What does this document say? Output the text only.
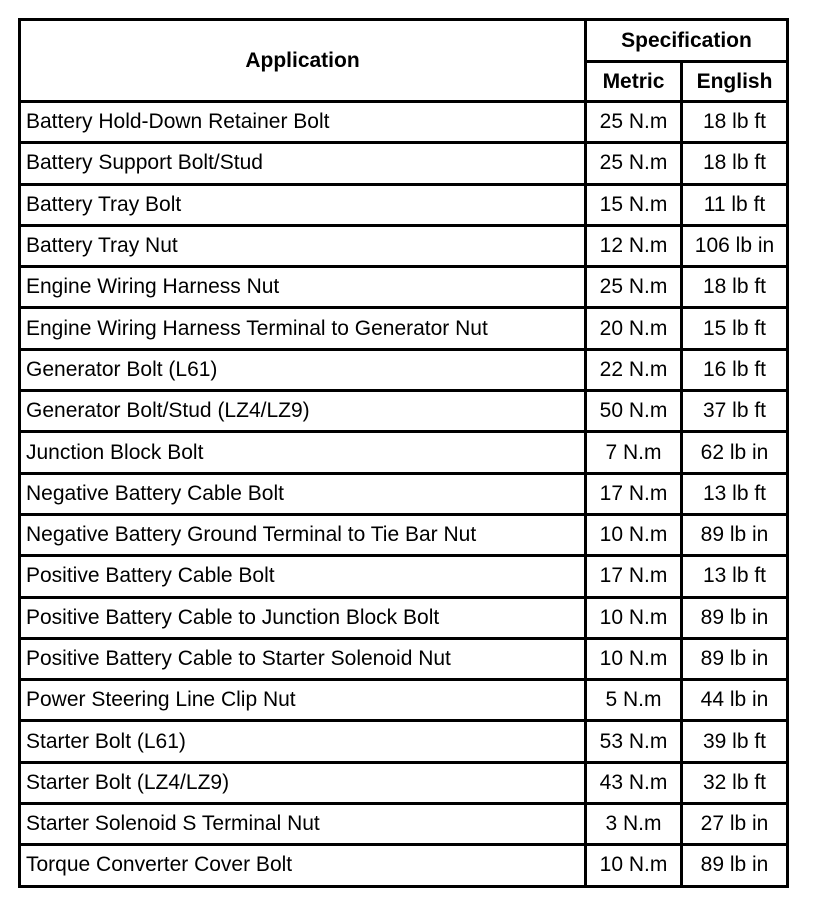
Application	Specification	
	Metric	English
Battery Hold-Down Retainer Bolt	25 N.m	18 lb ft
Battery Support Bolt/Stud	25 N.m	18 lb ft
Battery Tray Bolt	15 N.m	11 lb ft
Battery Tray Nut	12 N.m	106 lb in
Engine Wiring Harness Nut	25 N.m	18 lb ft
Engine Wiring Harness Terminal to Generator Nut	20 N.m	15 lb ft
Generator Bolt (L61)	22 N.m	16 lb ft
Generator Bolt/Stud (LZ4/LZ9)	50 N.m	37 lb ft
Junction Block Bolt	7 N.m	62 lb in
Negative Battery Cable Bolt	17 N.m	13 lb ft
Negative Battery Ground Terminal to Tie Bar Nut	10 N.m	89 lb in
Positive Battery Cable Bolt	17 N.m	13 lb ft
Positive Battery Cable to Junction Block Bolt	10 N.m	89 lb in
Positive Battery Cable to Starter Solenoid Nut	10 N.m	89 lb in
Power Steering Line Clip Nut	5 N.m	44 lb in
Starter Bolt (L61)	53 N.m	39 lb ft
Starter Bolt (LZ4/LZ9)	43 N.m	32 lb ft
Starter Solenoid S Terminal Nut	3 N.m	27 lb in
Torque Converter Cover Bolt	10 N.m	89 lb in
